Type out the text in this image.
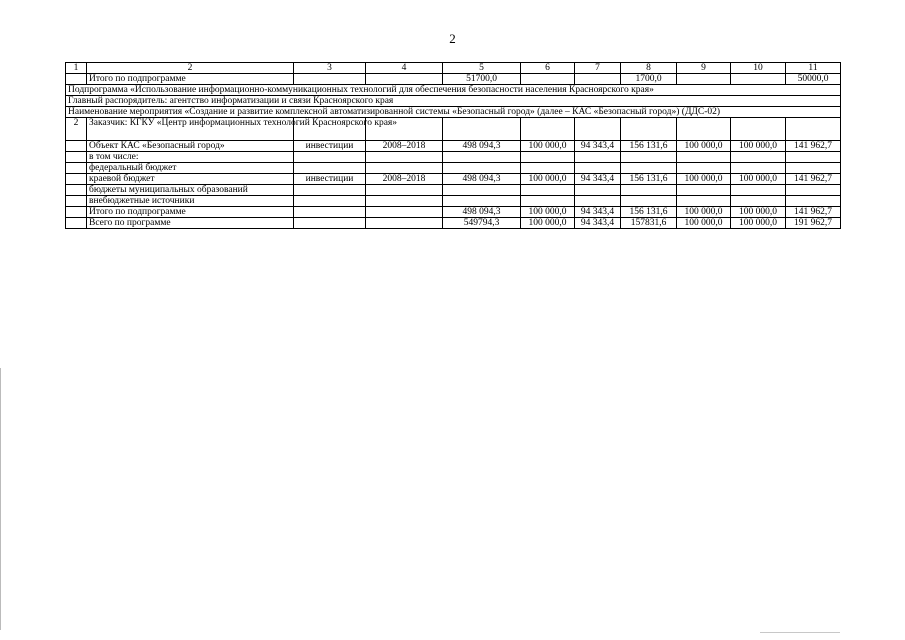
2
1	2	3	4	5	6	7	8	9	10	11
	Итого по подпрограмме			51700,0			1700,0			50000,0
Подпрограмма «Использование информационно-коммуникационных технологий для обеспечения безопасности населения Красноярского края»										
Главный распорядитель: агентство информатизации и связи Красноярского края										
Наименование мероприятия «Создание и развитие комплексной автоматизированной системы «Безопасный город» (далее – КАС «Безопасный город») (ДДС-02)										
2	Заказчик: КГКУ «Центр информационных технологий Красноярского края»									
	Объект КАС «Безопасный город»	инвестиции	2008–2018	498 094,3	100 000,0	94 343,4	156 131,6	100 000,0	100 000,0	141 962,7
	в том числе:									
	федеральный бюджет									
	краевой бюджет	инвестиции	2008–2018	498 094,3	100 000,0	94 343,4	156 131,6	100 000,0	100 000,0	141 962,7
	бюджеты муниципальных образований									
	внебюджетные источники									
	Итого по подпрограмме			498 094,3	100 000,0	94 343,4	156 131,6	100 000,0	100 000,0	141 962,7
	Всего по программе			549794,3	100 000,0	94 343,4	157831,6	100 000,0	100 000,0	191 962,7
